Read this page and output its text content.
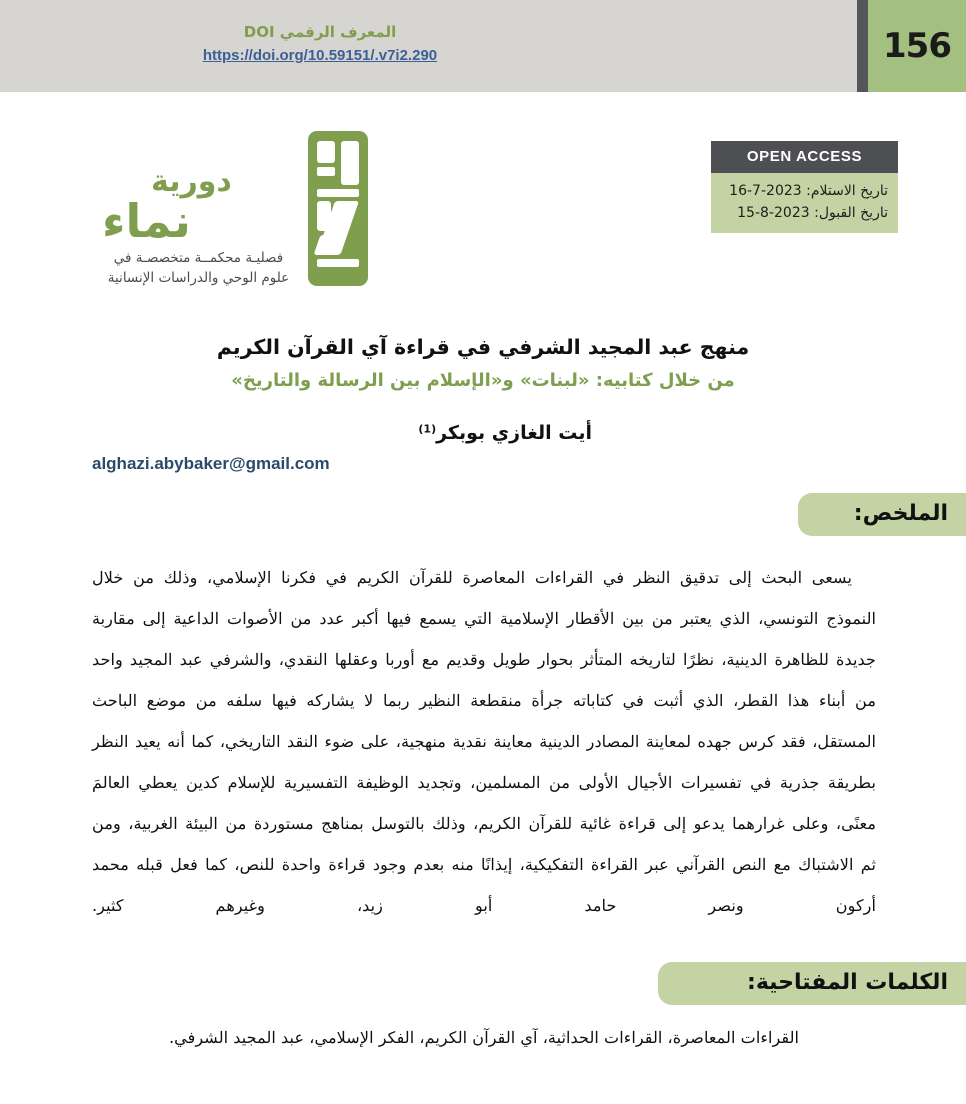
المعرف الرقمي DOI
https://doi.org/10.59151/.v7i2.290	156
دورية
نماء
فصليـة محكمــة متخصصـة في
علوم الوحي والدراسات الإنسانية
OPEN ACCESS
تاريخ الاستلام: 2023-7-16
تاريخ القبول: 2023-8-15
منهج عبد المجيد الشرفي في قراءة آي القرآن الكريم
من خلال كتابيه: «لبنات» و«الإسلام بين الرسالة والتاريخ»
أيت الغازي بوبكر$^{(1)}$
alghazi.abybaker@gmail.com
الملخص:

يسعى البحث إلى تدقيق النظر في القراءات المعاصرة للقرآن الكريم في فكرنا الإسلامي، وذلك من خلال النموذج التونسي، الذي يعتبر من بين الأقطار الإسلامية التي يسمع فيها أكبر عدد من الأصوات الداعية إلى مقاربة جديدة للظاهرة الدينية، نظرًا لتاريخه المتأثر بحوار طويل وقديم مع أوربا وعقلها النقدي، والشرفي عبد المجيد واحد من أبناء هذا القطر، الذي أثبت في كتاباته جرأة منقطعة النظير ربما لا يشاركه فيها سلفه من موضع الباحث المستقل، فقد كرس جهده لمعاينة المصادر الدينية معاينة نقدية منهجية، على ضوء النقد التاريخي، كما أنه يعيد النظر بطريقة جذرية في تفسيرات الأجيال الأولى من المسلمين، وتجديد الوظيفة التفسيرية للإسلام كدين يعطي العالمَ معنًى، وعلى غرارهما يدعو إلى قراءة غائية للقرآن الكريم، وذلك بالتوسل بمناهج مستوردة من البيئة الغربية، ومن ثم الاشتباك مع النص القرآني عبر القراءة التفكيكية، إيذانًا منه بعدم وجود قراءة واحدة للنص، كما فعل قبله محمد أركون ونصر حامد أبو زيد، وغيرهم كثير.

الكلمات المفتاحية:
القراءات المعاصرة، القراءات الحداثية، آي القرآن الكريم، الفكر الإسلامي، عبد المجيد الشرفي.
